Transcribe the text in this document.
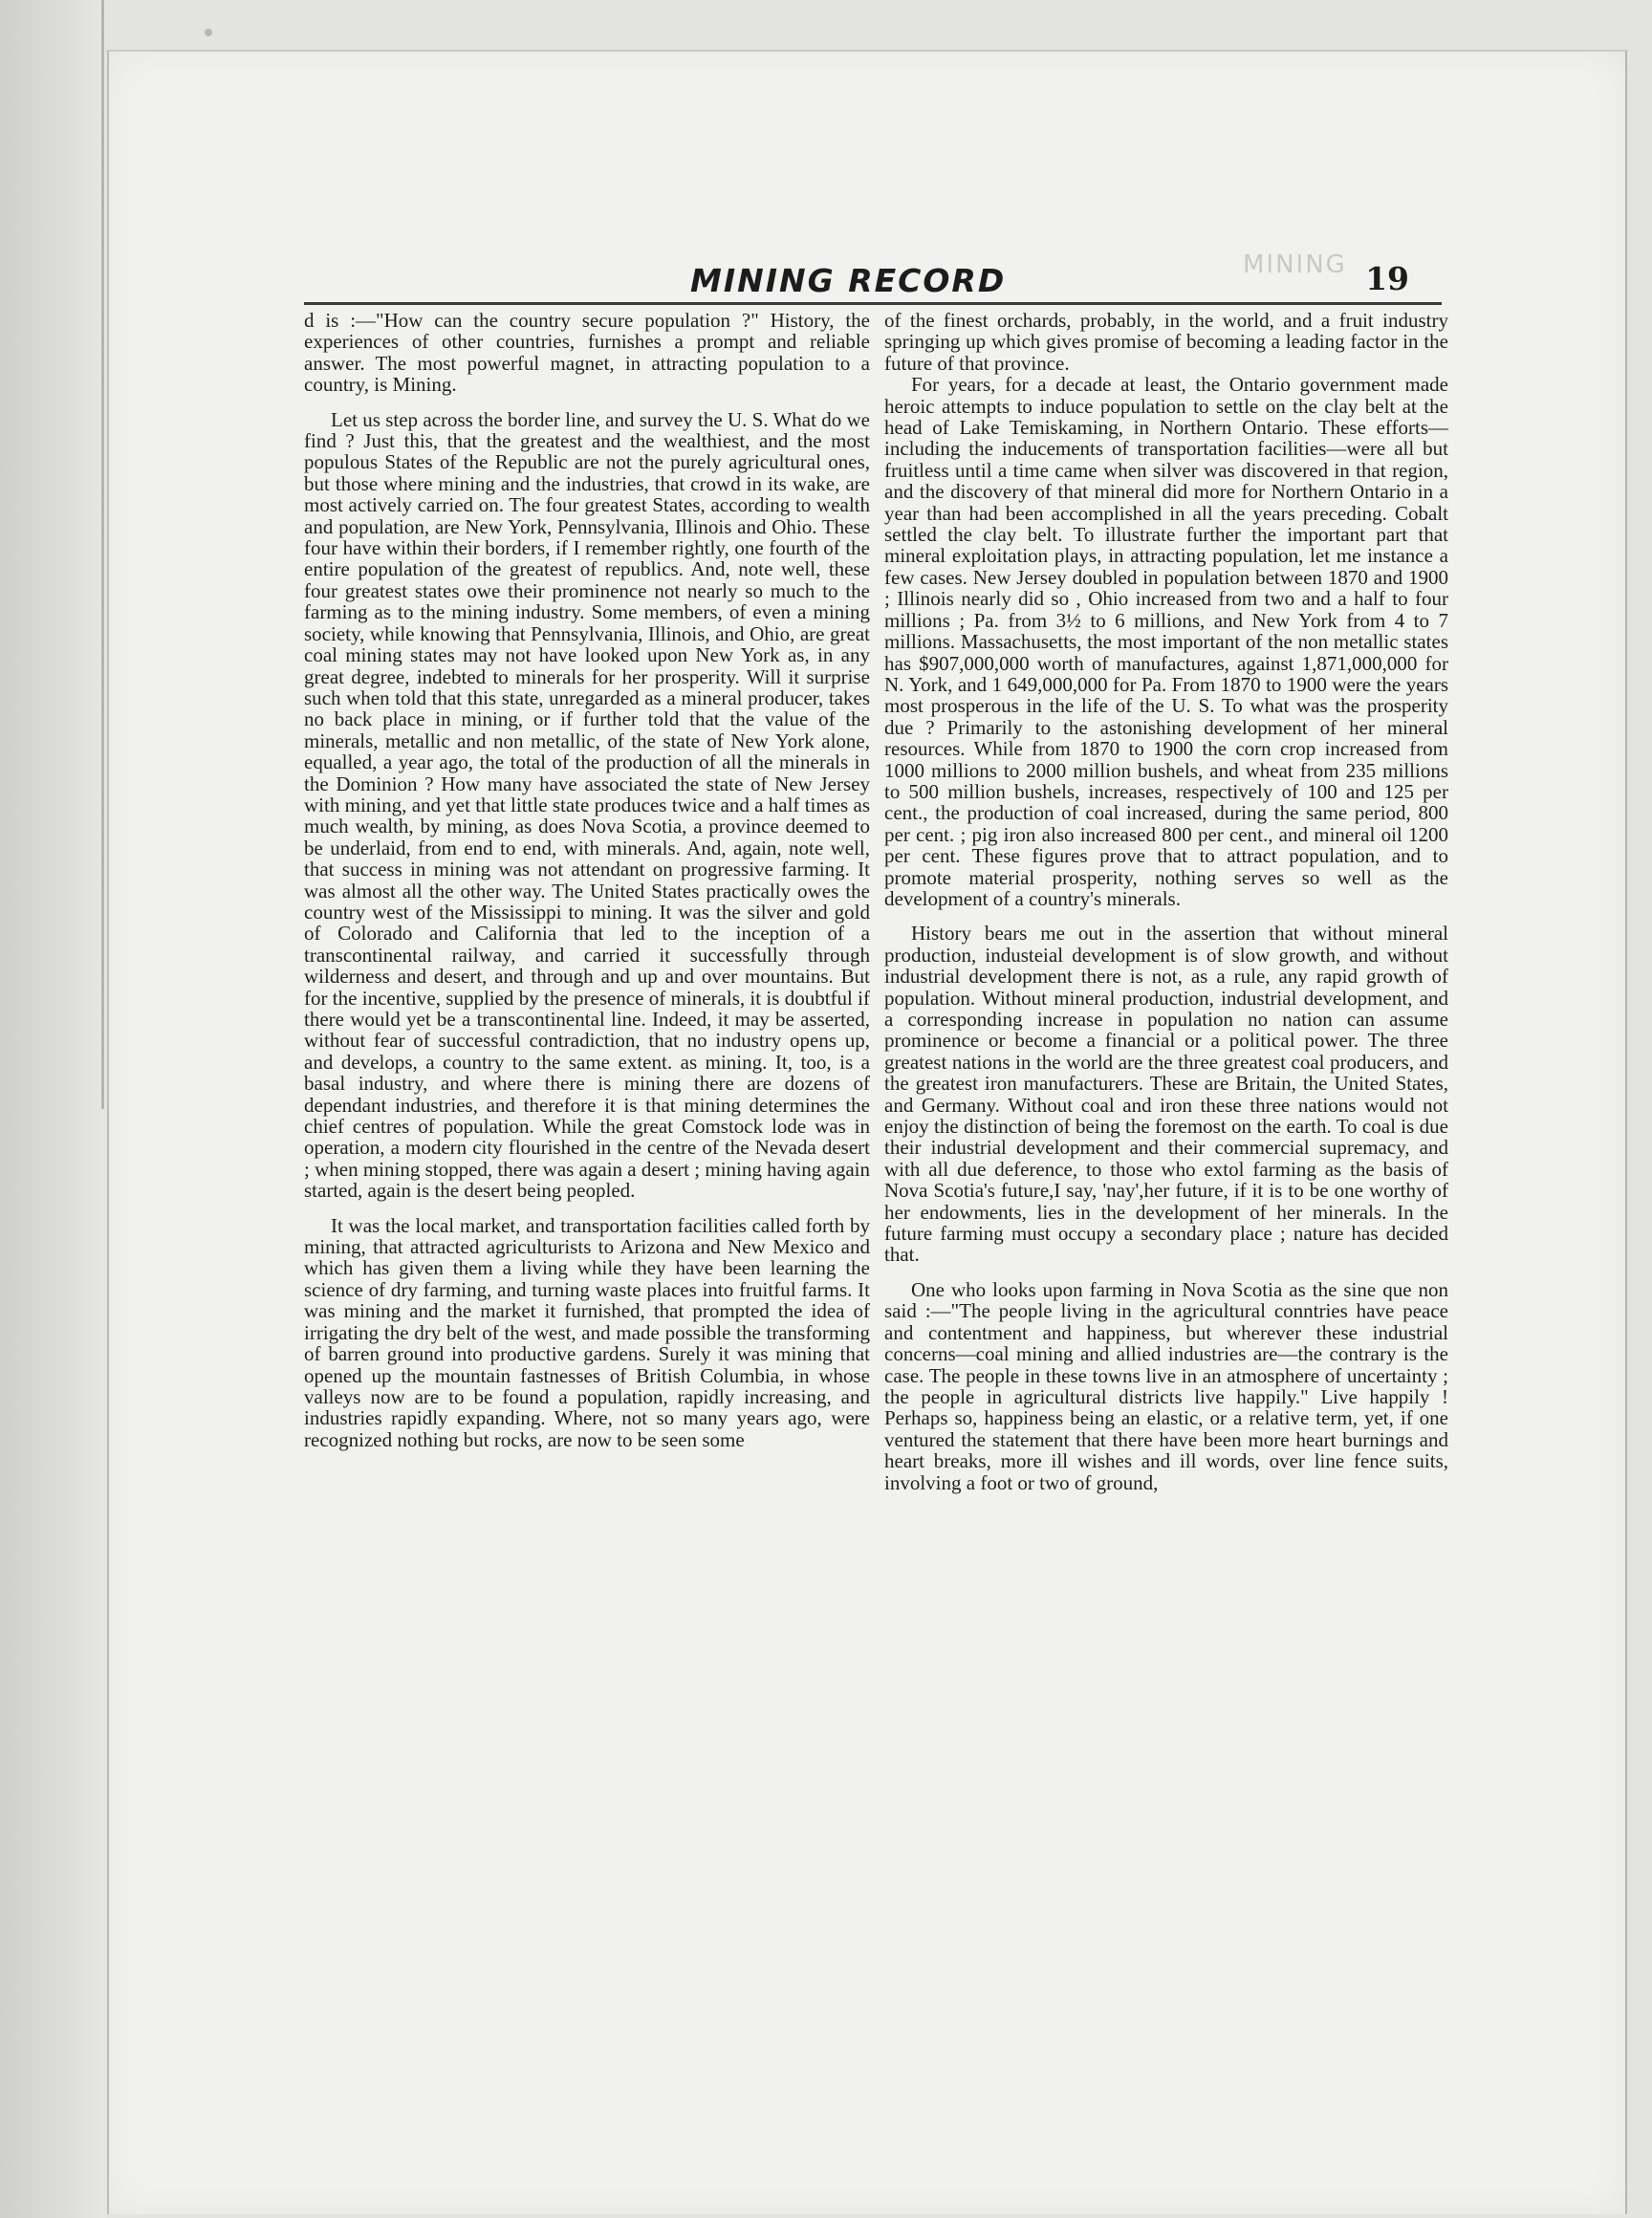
MINING
MINING RECORD	19

d is :—"How can the country secure population ?" History, the experiences of other countries, furnishes a prompt and reliable answer. The most powerful magnet, in attracting population to a country, is Mining.

Let us step across the border line, and survey the U. S. What do we find ? Just this, that the greatest and the wealthiest, and the most populous States of the Republic are not the purely agricultural ones, but those where mining and the industries, that crowd in its wake, are most actively carried on. The four greatest States, according to wealth and population, are New York, Pennsylvania, Illinois and Ohio. These four have within their borders, if I remember rightly, one fourth of the entire population of the greatest of republics. And, note well, these four greatest states owe their prominence not nearly so much to the farming as to the mining industry. Some members, of even a mining society, while knowing that Pennsylvania, Illinois, and Ohio, are great coal mining states may not have looked upon New York as, in any great degree, indebted to minerals for her prosperity. Will it surprise such when told that this state, unregarded as a mineral producer, takes no back place in mining, or if further told that the value of the minerals, metallic and non metallic, of the state of New York alone, equalled, a year ago, the total of the production of all the minerals in the Dominion ? How many have associated the state of New Jersey with mining, and yet that little state produces twice and a half times as much wealth, by mining, as does Nova Scotia, a province deemed to be underlaid, from end to end, with minerals. And, again, note well, that success in mining was not attendant on progressive farming. It was almost all the other way. The United States practically owes the country west of the Mississippi to mining. It was the silver and gold of Colorado and California that led to the inception of a transcontinental railway, and carried it successfully through wilderness and desert, and through and up and over mountains. But for the incentive, supplied by the presence of minerals, it is doubtful if there would yet be a transcontinental line. Indeed, it may be asserted, without fear of successful contradiction, that no industry opens up, and develops, a country to the same extent. as mining. It, too, is a basal industry, and where there is mining there are dozens of dependant industries, and therefore it is that mining determines the chief centres of population. While the great Comstock lode was in operation, a modern city flourished in the centre of the Nevada desert ; when mining stopped, there was again a desert ; mining having again started, again is the desert being peopled.

It was the local market, and transportation facilities called forth by mining, that attracted agriculturists to Arizona and New Mexico and which has given them a living while they have been learning the science of dry farming, and turning waste places into fruitful farms. It was mining and the market it furnished, that prompted the idea of irrigating the dry belt of the west, and made possible the transforming of barren ground into productive gardens. Surely it was mining that opened up the mountain fastnesses of British Columbia, in whose valleys now are to be found a population, rapidly increasing, and industries rapidly expanding. Where, not so many years ago, were recognized nothing but rocks, are now to be seen some

of the finest orchards, probably, in the world, and a fruit industry springing up which gives promise of becoming a leading factor in the future of that province.

For years, for a decade at least, the Ontario government made heroic attempts to induce population to settle on the clay belt at the head of Lake Temiskaming, in Northern Ontario. These efforts—including the inducements of transportation facilities—were all but fruitless until a time came when silver was discovered in that region, and the discovery of that mineral did more for Northern Ontario in a year than had been accomplished in all the years preceding. Cobalt settled the clay belt. To illustrate further the important part that mineral exploitation plays, in attracting population, let me instance a few cases. New Jersey doubled in population between 1870 and 1900 ; Illinois nearly did so , Ohio increased from two and a half to four millions ; Pa. from 3½ to 6 millions, and New York from 4 to 7 millions. Massachusetts, the most important of the non metallic states has $907,000,000 worth of manufactures, against 1,871,000,000 for N. York, and 1 649,000,000 for Pa. From 1870 to 1900 were the years most prosperous in the life of the U. S. To what was the prosperity due ? Primarily to the astonishing development of her mineral resources. While from 1870 to 1900 the corn crop increased from 1000 millions to 2000 million bushels, and wheat from 235 millions to 500 million bushels, increases, respectively of 100 and 125 per cent., the production of coal increased, during the same period, 800 per cent. ; pig iron also increased 800 per cent., and mineral oil 1200 per cent. These figures prove that to attract population, and to promote material prosperity, nothing serves so well as the development of a country's minerals.

History bears me out in the assertion that without mineral production, industeial development is of slow growth, and without industrial development there is not, as a rule, any rapid growth of population. Without mineral production, industrial development, and a corresponding increase in population no nation can assume prominence or become a financial or a political power. The three greatest nations in the world are the three greatest coal producers, and the greatest iron manufacturers. These are Britain, the United States, and Germany. Without coal and iron these three nations would not enjoy the distinction of being the foremost on the earth. To coal is due their industrial development and their commercial supremacy, and with all due deference, to those who extol farming as the basis of Nova Scotia's future,I say, 'nay',her future, if it is to be one worthy of her endowments, lies in the development of her minerals. In the future farming must occupy a secondary place ; nature has decided that.

One who looks upon farming in Nova Scotia as the sine que non said :—"The people living in the agricultural conntries have peace and contentment and happiness, but wherever these industrial concerns—coal mining and allied industries are—the contrary is the case. The people in these towns live in an atmosphere of uncertainty ; the people in agricultural districts live happily." Live happily ! Perhaps so, happiness being an elastic, or a relative term, yet, if one ventured the statement that there have been more heart burnings and heart breaks, more ill wishes and ill words, over line fence suits, involving a foot or two of ground,
